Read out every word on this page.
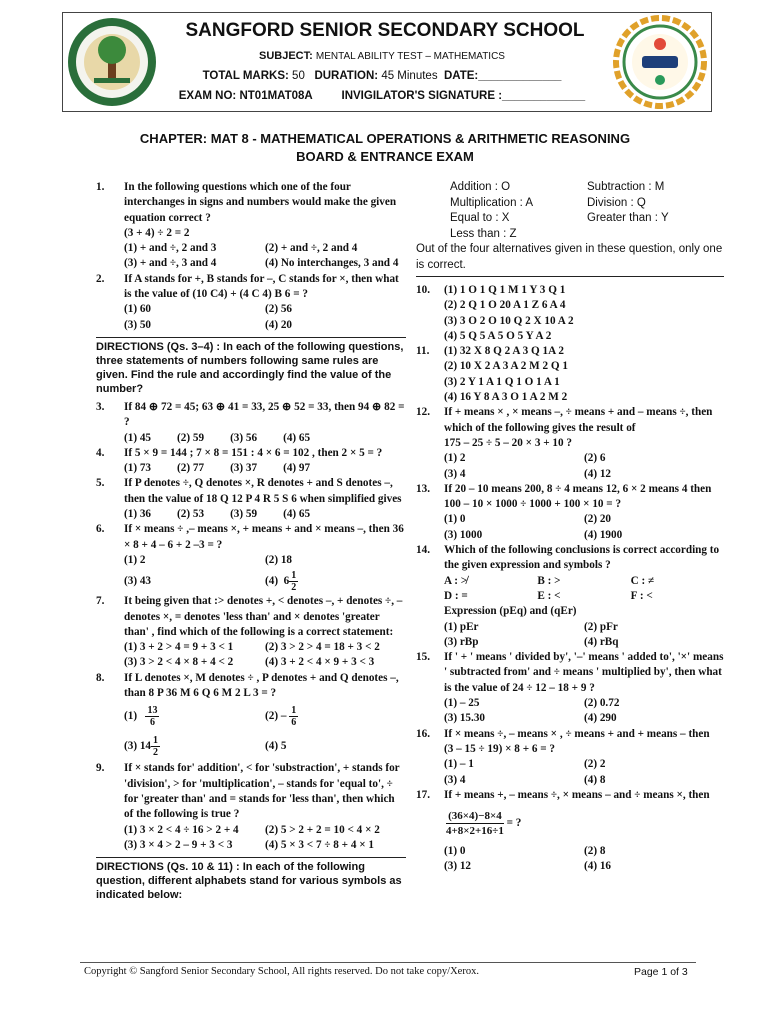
SANGFORD SENIOR SECONDARY SCHOOL
SUBJECT: MENTAL ABILITY TEST – MATHEMATICS
TOTAL MARKS: 50 DURATION: 45 Minutes DATE:_____________
EXAM NO: NT01MAT08A	INVIGILATOR'S SIGNATURE :_____________
CHAPTER: MAT 8 - MATHEMATICAL OPERATIONS & ARITHMETIC REASONING
BOARD & ENTRANCE EXAM
1. In the following questions which one of the four interchanges in signs and numbers would make the given equation correct ?
(3 + 4) ÷ 2 = 2
(1) + and ÷, 2 and 3	(2) + and ÷, 2 and 4
(3) + and ÷, 3 and 4	(4) No interchanges, 3 and 4
2. If A stands for +, B stands for –, C stands for ×, then what is the value of (10 C4) + (4 C 4) B 6 = ?
(1) 60	(2) 56
(3) 50	(4) 20
DIRECTIONS (Qs. 3–4) : In each of the following questions, three statements of numbers following same rules are given. Find the rule and accordingly find the value of the number?
3. If 84 ⊕ 72 = 45; 63 ⊕ 41 = 33, 25 ⊕ 52 = 33, then 94 ⊕ 82 = ?
(1) 45 (2) 59 (3) 56 (4) 65
4. If 5 × 9 = 144 ; 7 × 8 = 151 : 4 × 6 = 102 , then 2 × 5 = ?
(1) 73 (2) 77 (3) 37 (4) 97
5. If P denotes ÷, Q denotes ×, R denotes + and S denotes –, then the value of 18 Q 12 P 4 R 5 S 6 when simplified gives
(1) 36 (2) 53 (3) 59 (4) 65
6. If × means ÷ ,– means ×, + means + and × means –, then 36 × 8 + 4 – 6 + 2 –3 = ?
(1) 2	(2) 18
(3) 43	(4) $6 \frac{1}{2}$
7. It being given that :> denotes +, < denotes –, + denotes ÷, – denotes ×, = denotes 'less than' and × denotes 'greater than' , find which of the following is a correct statement:
(1) 3 + 2 > 4 = 9 + 3 < 1	(2) 3 > 2 > 4 = 18 + 3 < 2
(3) 3 > 2 < 4 × 8 + 4 < 2	(4) 3 + 2 < 4 × 9 + 3 < 3
8. If L denotes ×, M denotes ÷ , P denotes + and Q denotes –, than 8 P 36 M 6 Q 6 M 2 L 3 = ?
$(1) \frac{13}{6}$	$(2) - \frac{1}{6}$
(3) $14 \frac{1}{2}$	(4) 5
9. If × stands for' addition', < for 'substraction', + stands for 'division', > for 'multiplication', – stands for 'equal to', ÷ for 'greater than' and = stands for 'less than', then which of the following is true ?
(1) 3 × 2 < 4 ÷ 16 > 2 + 4	(2) 5 > 2 + 2 = 10 < 4 × 2
(3) 3 × 4 > 2 – 9 + 3 < 3	(4) 5 × 3 < 7 ÷ 8 + 4 × 1
DIRECTIONS (Qs. 10 & 11) : In each of the following question, different alphabets stand for various symbols as indicated below:
Addition : O	Subtraction : M
Multiplication : A	Division : Q
Equal to : X	Greater than : Y
Less than : Z
Out of the four alternatives given in these question, only one is correct.
10. (1) 1 O 1 Q 1 M 1 Y 3 Q 1
(2) 2 Q 1 O 20 A 1 Z 6 A 4
(3) 3 O 2 O 10 Q 2 X 10 A 2
(4) 5 Q 5 A 5 O 5 Y A 2
11. (1) 32 X 8 Q 2 A 3 Q 1A 2
(2) 10 X 2 A 3 A 2 M 2 Q 1
(3) 2 Y 1 A 1 Q 1 O 1 A 1
(4) 16 Y 8 A 3 O 1 A 2 M 2
12. If + means × , × means –, ÷ means + and – means ÷, then which of the following gives the result of
175 – 25 ÷ 5 – 20 × 3 + 10 ?
(1) 2	(2) 6
(3) 4	(4) 12
13. If 20 – 10 means 200, 8 ÷ 4 means 12, 6 × 2 means 4 then
100 – 10 × 1000 ÷ 1000 + 100 × 10 = ?
(1) 0	(2) 20
(3) 1000	(4) 1900
14. Which of the following conclusions is correct according to the given expression and symbols ?
A : ≯	B : >	C : ≠
D : =	E : <	F : <
Expression (pEq) and (qEr)
(1) pEr	(2) pFr
(3) rBp	(4) rBq
15. If ' + ' means ' divided by', '–' means ' added to', '×' means ' subtracted from' and ÷ means ' multiplied by', then what is the value of 24 ÷ 12 – 18 + 9 ?
(1) – 25	(2) 0.72
(3) 15.30	(4) 290
16. If × means ÷, – means × , ÷ means + and + means – then
(3 – 15 ÷ 19) × 8 + 6 = ?
(1) – 1	(2) 2
(3) 4	(4) 8
17. If + means +, – means ÷, × means – and ÷ means ×, then
$\frac{(36\times 4)-8\times 4}{4+8\times 2+16\div 1}$ = ?
(1) 0	(2) 8
(3) 12	(4) 16
Copyright © Sangford Senior Secondary School, All rights reserved. Do not take copy/Xerox.	Page 1 of 3
